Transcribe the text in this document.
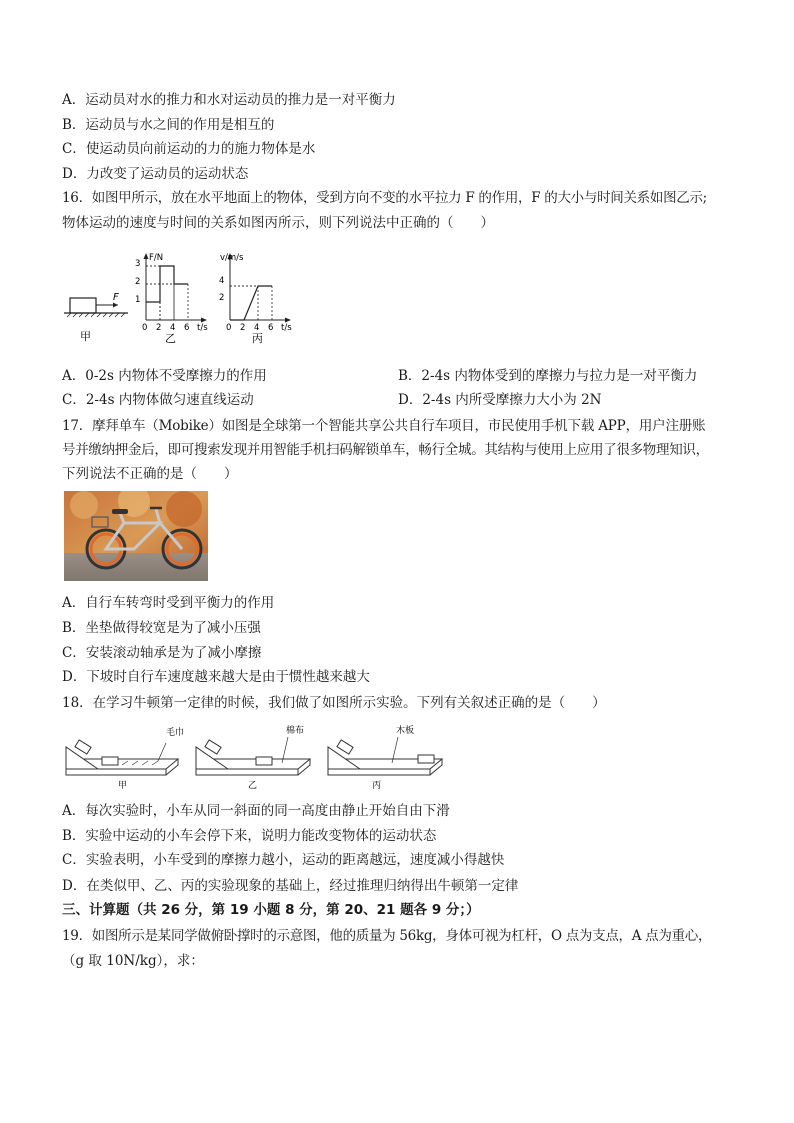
A．运动员对水的推力和水对运动员的推力是一对平衡力
B．运动员与水之间的作用是相互的
C．使运动员向前运动的力的施力物体是水
D．力改变了运动员的运动状态
16．如图甲所示，放在水平地面上的物体，受到方向不变的水平拉力 F 的作用，F 的大小与时间关系如图乙示;
物体运动的速度与时间的关系如图丙所示，则下列说法中正确的（　　）
F
甲
F/N
t/s
1
2
3
0 2 4 6
乙
v/m/s
t/s
2
4
0 2 4 6
丙
A．0-2s 内物体不受摩擦力的作用	B．2-4s 内物体受到的摩擦力与拉力是一对平衡力
C．2-4s 内物体做匀速直线运动	D．2-4s 内所受摩擦力大小为 2N
17．摩拜单车（Mobike）如图是全球第一个智能共享公共自行车项目，市民使用手机下载 APP，用户注册账
号并缴纳押金后，即可搜索发现并用智能手机扫码解锁单车，畅行全城。其结构与使用上应用了很多物理知识，
下列说法不正确的是（　　）
A．自行车转弯时受到平衡力的作用
B．坐垫做得较宽是为了减小压强
C．安装滚动轴承是为了减小摩擦
D．下坡时自行车速度越来越大是由于惯性越来越大
18．在学习牛顿第一定律的时候，我们做了如图所示实验。下列有关叙述正确的是（　　）
毛巾	棉布	木板
甲	乙	丙
A．每次实验时，小车从同一斜面的同一高度由静止开始自由下滑
B．实验中运动的小车会停下来，说明力能改变物体的运动状态
C．实验表明，小车受到的摩擦力越小，运动的距离越远，速度减小得越快
D．在类似甲、乙、丙的实验现象的基础上，经过推理归纳得出牛顿第一定律
三、计算题（共 26 分，第 19 小题 8 分，第 20、21 题各 9 分；）
19．如图所示是某同学做俯卧撑时的示意图，他的质量为 56kg，身体可视为杠杆，O 点为支点，A 点为重心，
（g 取 10N/kg），求：
